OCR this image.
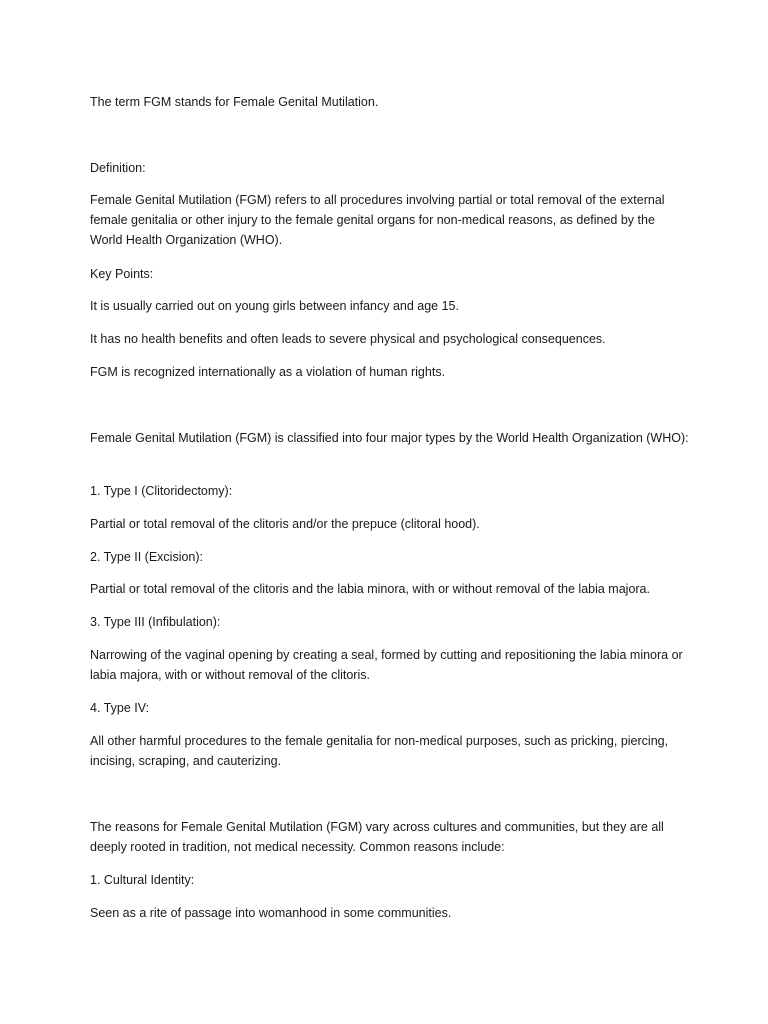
The term FGM stands for Female Genital Mutilation.

Definition:

Female Genital Mutilation (FGM) refers to all procedures involving partial or total removal of the external female genitalia or other injury to the female genital organs for non-medical reasons, as defined by the World Health Organization (WHO).

Key Points:

It is usually carried out on young girls between infancy and age 15.

It has no health benefits and often leads to severe physical and psychological consequences.

FGM is recognized internationally as a violation of human rights.

Female Genital Mutilation (FGM) is classified into four major types by the World Health Organization (WHO):

1. Type I (Clitoridectomy):

Partial or total removal of the clitoris and/or the prepuce (clitoral hood).

2. Type II (Excision):

Partial or total removal of the clitoris and the labia minora, with or without removal of the labia majora.

3. Type III (Infibulation):

Narrowing of the vaginal opening by creating a seal, formed by cutting and repositioning the labia minora or labia majora, with or without removal of the clitoris.

4. Type IV:

All other harmful procedures to the female genitalia for non-medical purposes, such as pricking, piercing, incising, scraping, and cauterizing.

The reasons for Female Genital Mutilation (FGM) vary across cultures and communities, but they are all deeply rooted in tradition, not medical necessity. Common reasons include:

1. Cultural Identity:

Seen as a rite of passage into womanhood in some communities.
